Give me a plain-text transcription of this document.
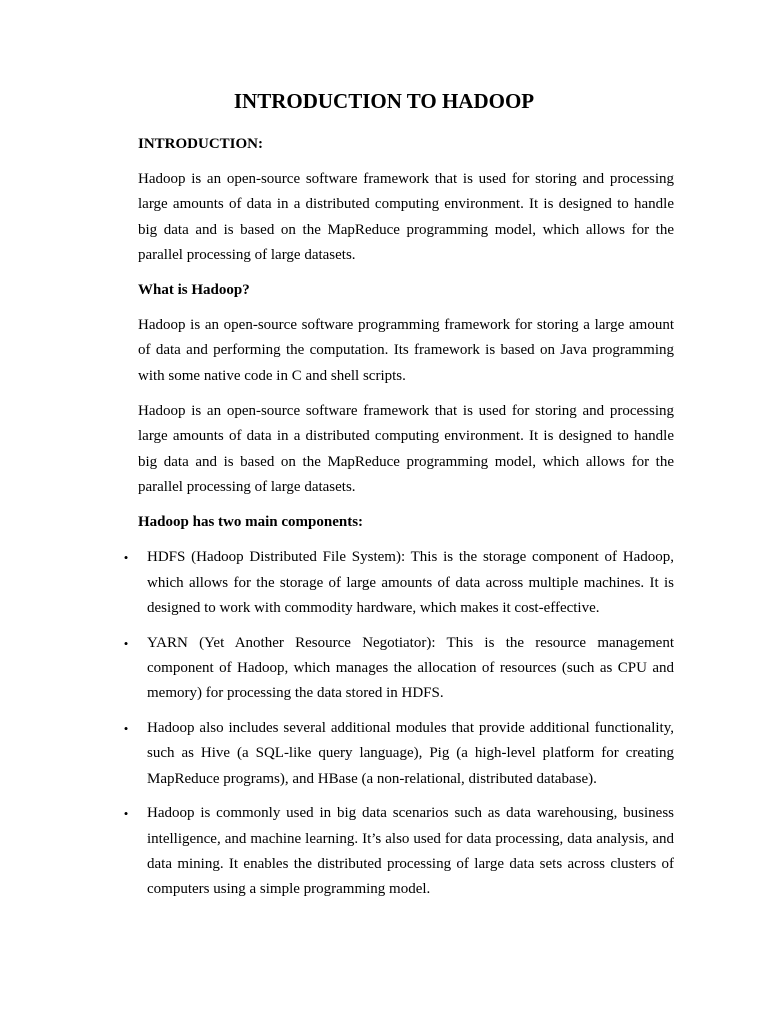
INTRODUCTION TO HADOOP

INTRODUCTION:

Hadoop is an open-source software framework that is used for storing and processing large amounts of data in a distributed computing environment. It is designed to handle big data and is based on the MapReduce programming model, which allows for the parallel processing of large datasets.

What is Hadoop?

Hadoop is an open-source software programming framework for storing a large amount of data and performing the computation. Its framework is based on Java programming with some native code in C and shell scripts.

Hadoop is an open-source software framework that is used for storing and processing large amounts of data in a distributed computing environment. It is designed to handle big data and is based on the MapReduce programming model, which allows for the parallel processing of large datasets.

Hadoop has two main components:

• HDFS (Hadoop Distributed File System): This is the storage component of Hadoop, which allows for the storage of large amounts of data across multiple machines. It is designed to work with commodity hardware, which makes it cost-effective.
• YARN (Yet Another Resource Negotiator): This is the resource management component of Hadoop, which manages the allocation of resources (such as CPU and memory) for processing the data stored in HDFS.
• Hadoop also includes several additional modules that provide additional functionality, such as Hive (a SQL-like query language), Pig (a high-level platform for creating MapReduce programs), and HBase (a non-relational, distributed database).
• Hadoop is commonly used in big data scenarios such as data warehousing, business intelligence, and machine learning. It’s also used for data processing, data analysis, and data mining. It enables the distributed processing of large data sets across clusters of computers using a simple programming model.
